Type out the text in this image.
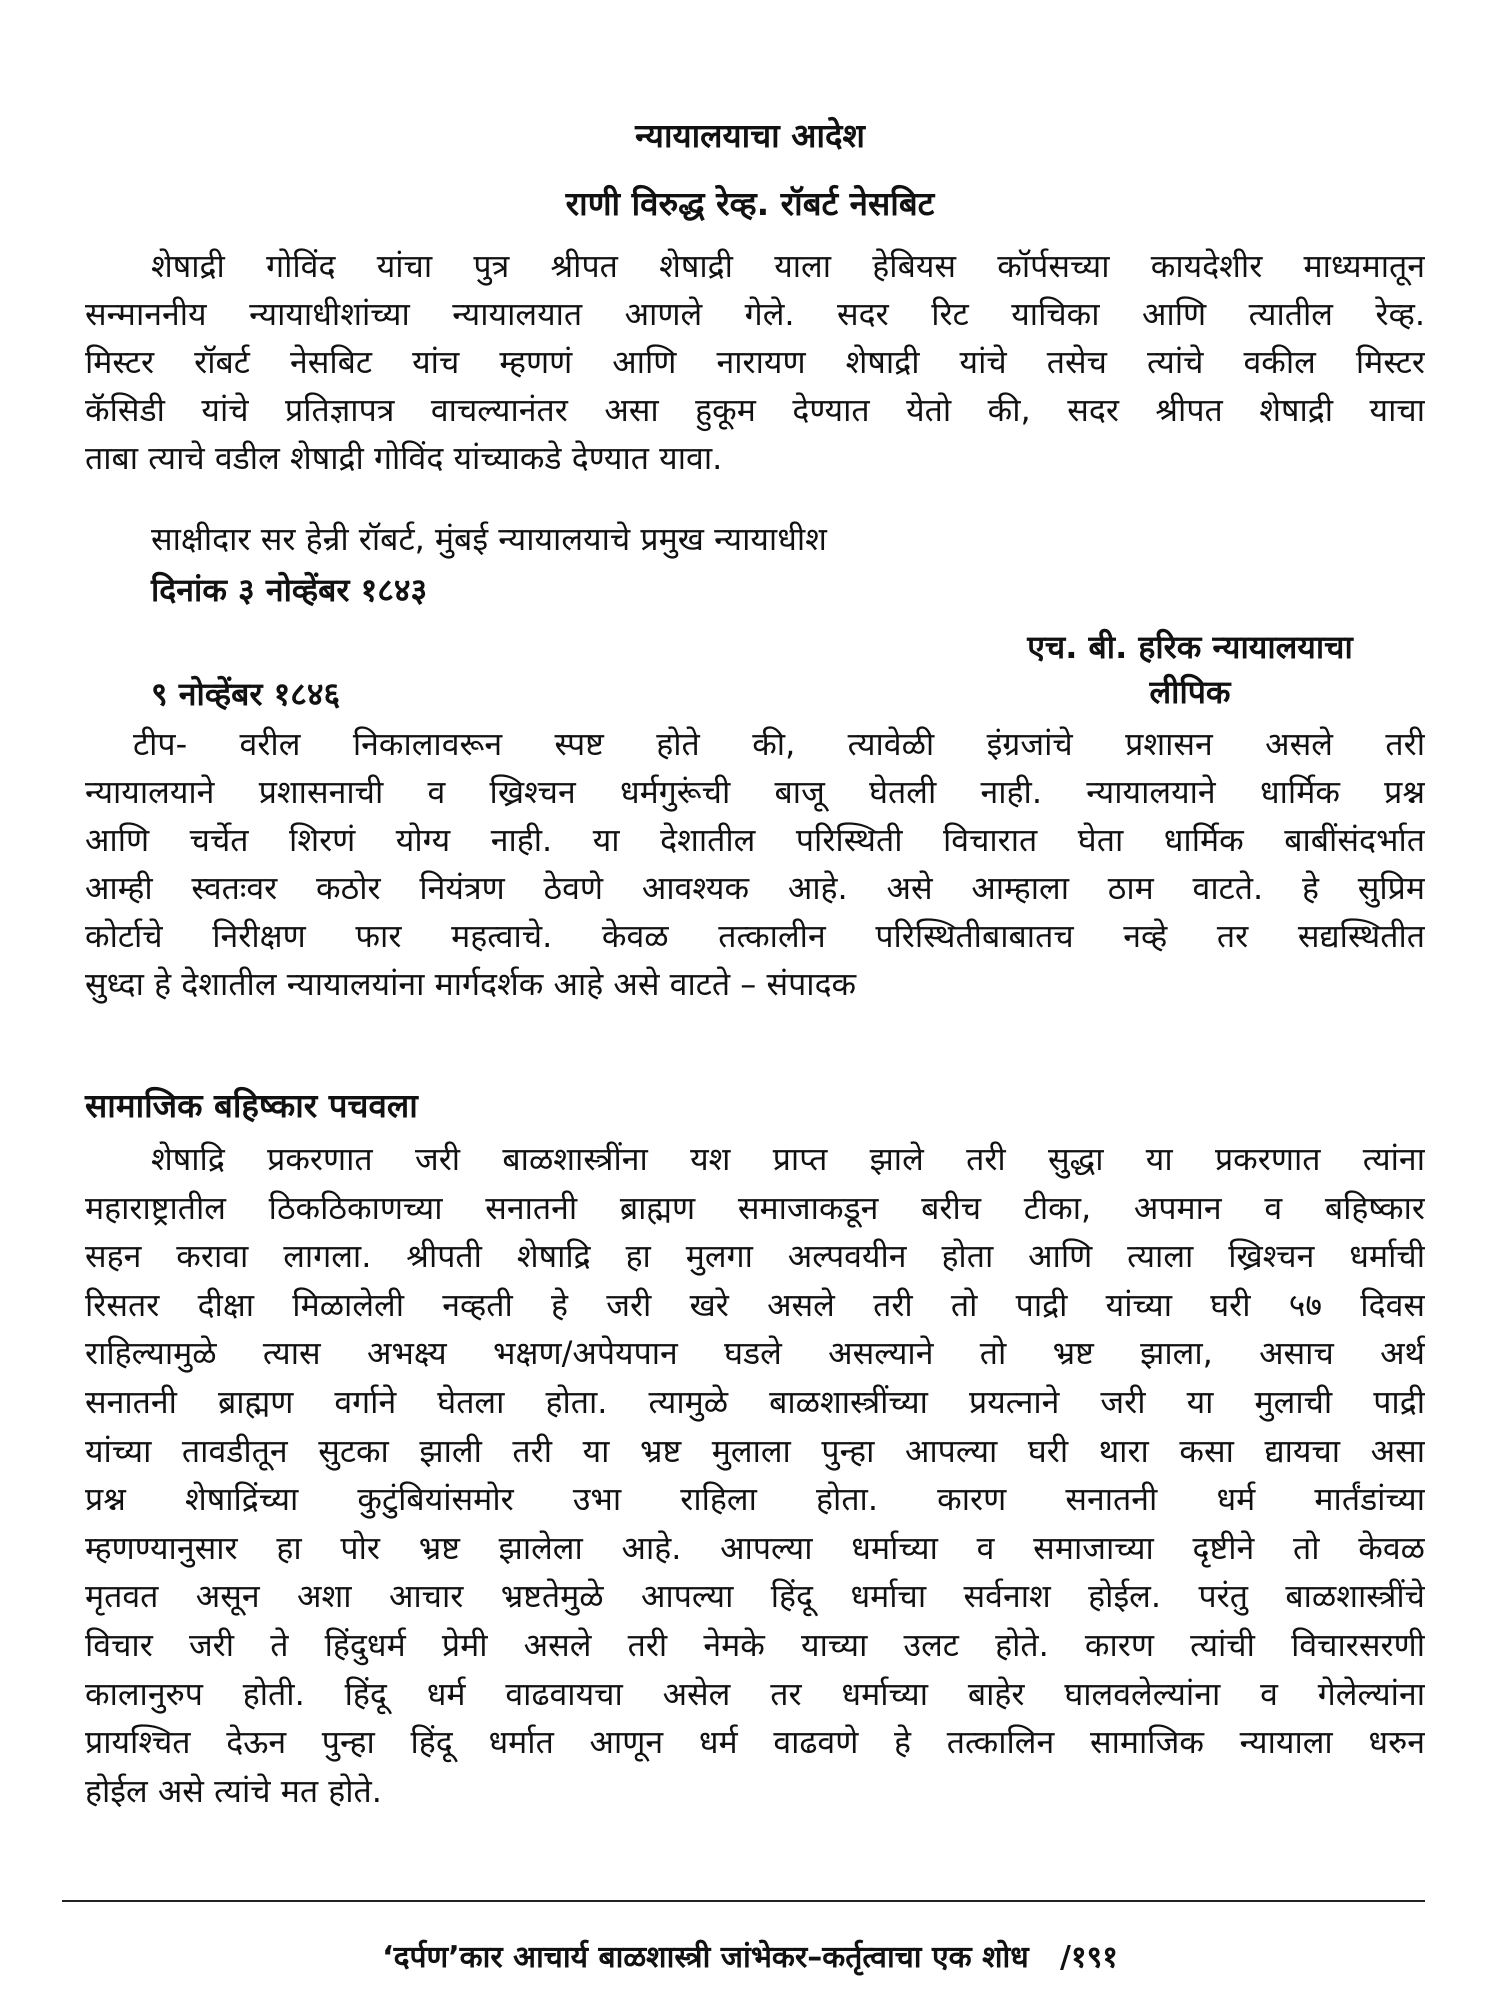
न्यायालयाचा आदेश
राणी विरुद्ध रेव्ह. रॉबर्ट नेसबिट
शेषाद्री गोविंद यांचा पुत्र श्रीपत शेषाद्री याला हेबियस कॉर्पसच्या कायदेशीर माध्यमातून
सन्माननीय न्यायाधीशांच्या न्यायालयात आणले गेले. सदर रिट याचिका आणि त्यातील रेव्ह.
मिस्टर रॉबर्ट नेसबिट यांच म्हणणं आणि नारायण शेषाद्री यांचे तसेच त्यांचे वकील मिस्टर
कॅसिडी यांचे प्रतिज्ञापत्र वाचल्यानंतर असा हुकूम देण्यात येतो की, सदर श्रीपत शेषाद्री याचा
ताबा त्याचे वडील शेषाद्री गोविंद यांच्याकडे देण्यात यावा.
साक्षीदार सर हेन्री रॉबर्ट, मुंबई न्यायालयाचे प्रमुख न्यायाधीश
दिनांक ३ नोव्हेंबर १८४३
एच. बी. हरिक न्यायालयाचा
लीपिक
९ नोव्हेंबर १८४६
टीप- वरील निकालावरून स्पष्ट होते की, त्यावेळी इंग्रजांचे प्रशासन असले तरी
न्यायालयाने प्रशासनाची व ख्रिश्चन धर्मगुरूंची बाजू घेतली नाही. न्यायालयाने धार्मिक प्रश्न
आणि चर्चेत शिरणं योग्य नाही. या देशातील परिस्थिती विचारात घेता धार्मिक बाबींसंदर्भात
आम्ही स्वतःवर कठोर नियंत्रण ठेवणे आवश्यक आहे. असे आम्हाला ठाम वाटते. हे सुप्रिम
कोर्टाचे निरीक्षण फार महत्वाचे. केवळ तत्कालीन परिस्थितीबाबातच नव्हे तर सद्यस्थितीत
सुध्दा हे देशातील न्यायालयांना मार्गदर्शक आहे असे वाटते – संपादक
सामाजिक बहिष्कार पचवला
शेषाद्रि प्रकरणात जरी बाळशास्त्रींना यश प्राप्त झाले तरी सुद्धा या प्रकरणात त्यांना
महाराष्ट्रातील ठिकठिकाणच्या सनातनी ब्राह्मण समाजाकडून बरीच टीका, अपमान व बहिष्कार
सहन करावा लागला. श्रीपती शेषाद्रि हा मुलगा अल्पवयीन होता आणि त्याला ख्रिश्चन धर्माची
रिसतर दीक्षा मिळालेली नव्हती हे जरी खरे असले तरी तो पाद्री यांच्या घरी ५७ दिवस
राहिल्यामुळे त्यास अभक्ष्य भक्षण/अपेयपान घडले असल्याने तो भ्रष्ट झाला, असाच अर्थ
सनातनी ब्राह्मण वर्गाने घेतला होता. त्यामुळे बाळशास्त्रींच्या प्रयत्नाने जरी या मुलाची पाद्री
यांच्या तावडीतून सुटका झाली तरी या भ्रष्ट मुलाला पुन्हा आपल्या घरी थारा कसा द्यायचा असा
प्रश्न शेषाद्रिंच्या कुटुंबियांसमोर उभा राहिला होता. कारण सनातनी धर्म मार्तंडांच्या
म्हणण्यानुसार हा पोर भ्रष्ट झालेला आहे. आपल्या धर्माच्या व समाजाच्या दृष्टीने तो केवळ
मृतवत असून अशा आचार भ्रष्टतेमुळे आपल्या हिंदू धर्माचा सर्वनाश होईल. परंतु बाळशास्त्रींचे
विचार जरी ते हिंदुधर्म प्रेमी असले तरी नेमके याच्या उलट होते. कारण त्यांची विचारसरणी
कालानुरुप होती. हिंदू धर्म वाढवायचा असेल तर धर्माच्या बाहेर घालवलेल्यांना व गेलेल्यांना
प्रायश्चित देऊन पुन्हा हिंदू धर्मात आणून धर्म वाढवणे हे तत्कालिन सामाजिक न्यायाला धरुन
होईल असे त्यांचे मत होते.
‘दर्पण’कार आचार्य बाळशास्त्री जांभेकर–कर्तृत्वाचा एक शोध   /१९१
